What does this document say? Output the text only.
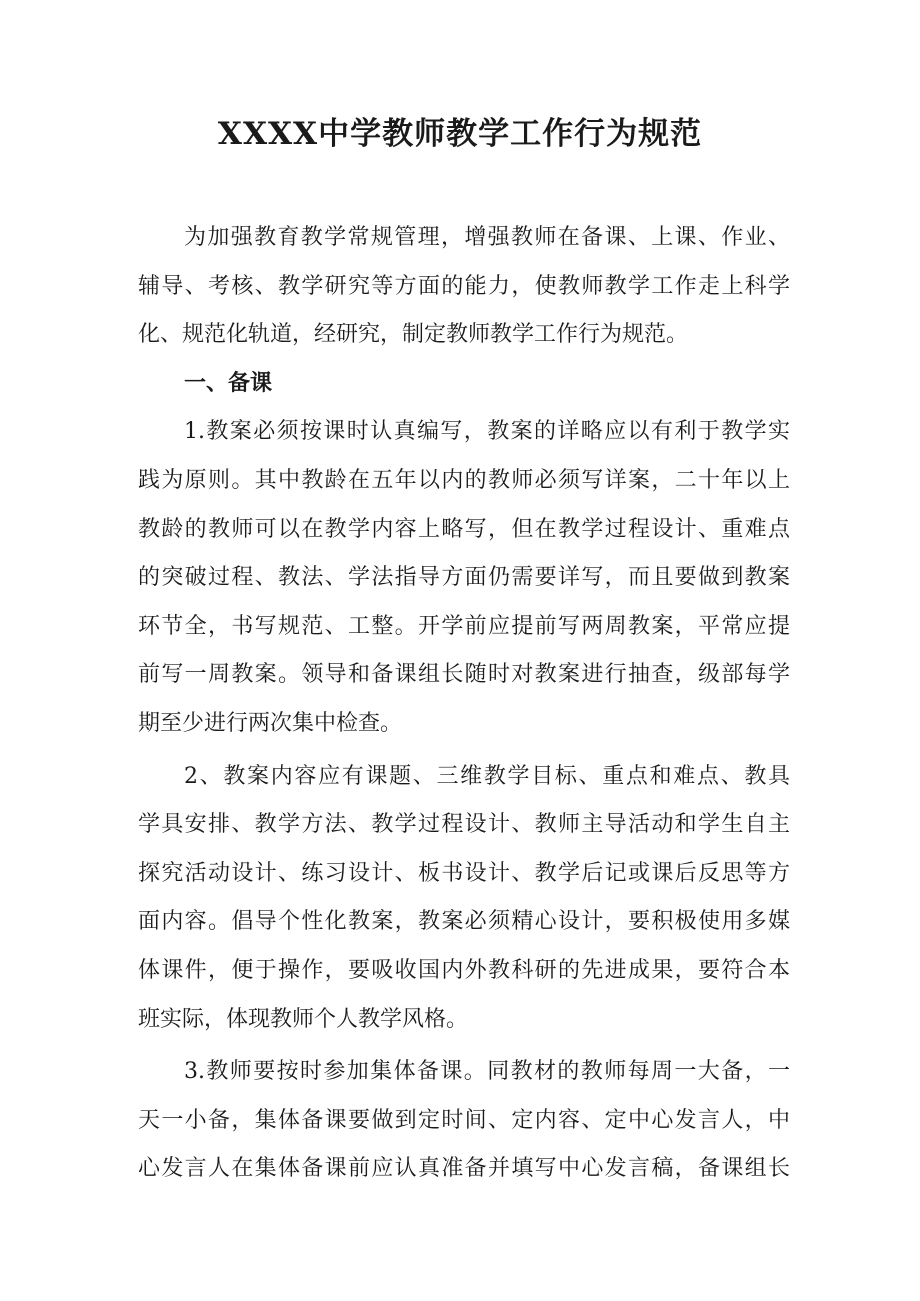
XXXX中学教师教学工作行为规范
为加强教育教学常规管理，增强教师在备课、上课、作业、
辅导、考核、教学研究等方面的能力，使教师教学工作走上科学
化、规范化轨道，经研究，制定教师教学工作行为规范。
一、备课
1.教案必须按课时认真编写，教案的详略应以有利于教学实
践为原则。其中教龄在五年以内的教师必须写详案，二十年以上
教龄的教师可以在教学内容上略写，但在教学过程设计、重难点
的突破过程、教法、学法指导方面仍需要详写，而且要做到教案
环节全，书写规范、工整。开学前应提前写两周教案，平常应提
前写一周教案。领导和备课组长随时对教案进行抽查，级部每学
期至少进行两次集中检查。
2、教案内容应有课题、三维教学目标、重点和难点、教具
学具安排、教学方法、教学过程设计、教师主导活动和学生自主
探究活动设计、练习设计、板书设计、教学后记或课后反思等方
面内容。倡导个性化教案，教案必须精心设计，要积极使用多媒
体课件，便于操作，要吸收国内外教科研的先进成果，要符合本
班实际，体现教师个人教学风格。
3.教师要按时参加集体备课。同教材的教师每周一大备，一
天一小备，集体备课要做到定时间、定内容、定中心发言人，中
心发言人在集体备课前应认真准备并填写中心发言稿，备课组长
